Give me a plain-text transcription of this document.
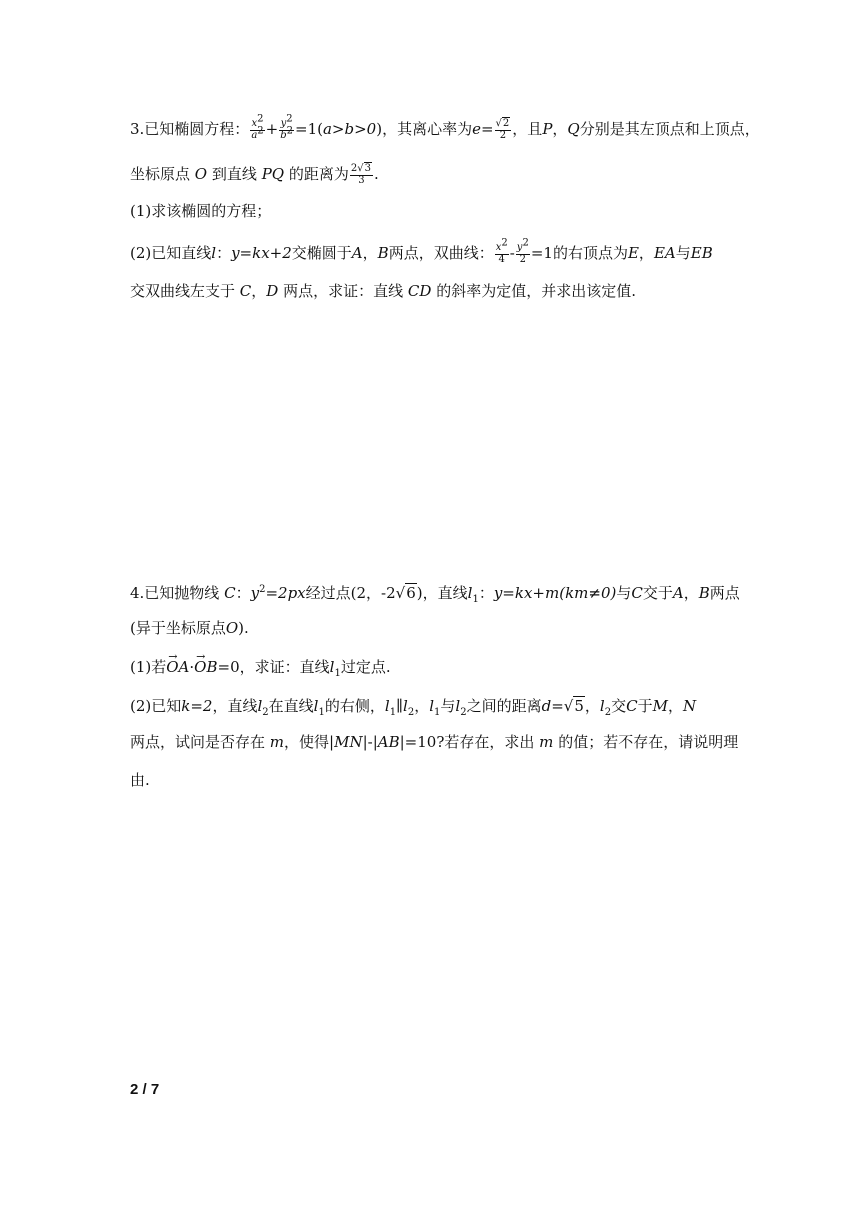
3.已知椭圆方程： $\frac{x^2}{a^2} + \frac{y^2}{b^2} =1(a>b>0)$，其离心率为$e= \frac{√2}{2}$ ，且P，Q分别是其左顶点和上顶点，
坐标原点 O 到直线 PQ 的距离为 $\frac{2√3}{3}$ .
(1)求该椭圆的方程；
(2)已知直线l：y=kx+2交椭圆于A，B两点，双曲线： $\frac{x^2}{4} - \frac{y^2}{2} =1$的右顶点为E，EA与EB
交双曲线左支于 C，D 两点，求证：直线 CD 的斜率为定值，并求出该定值.
4.已知抛物线 C：$y^2=2px$经过点(2，-2√6)，直线$l_1$：y=kx+m(km≠0)与C交于A，B两点
(异于坐标原点O).
(1)若→ OA·→ OB=0，求证：直线$l_1$过定点.
(2)已知k=2，直线$l_2$在直线$l_1$的右侧，$l_1\parallel l_2$，$l_1$与$l_2$之间的距离d=√5，$l_2$交C于M，N
两点，试问是否存在 m，使得|MN|-|AB|=10?若存在，求出 m 的值；若不存在，请说明理
由.
2 / 7
